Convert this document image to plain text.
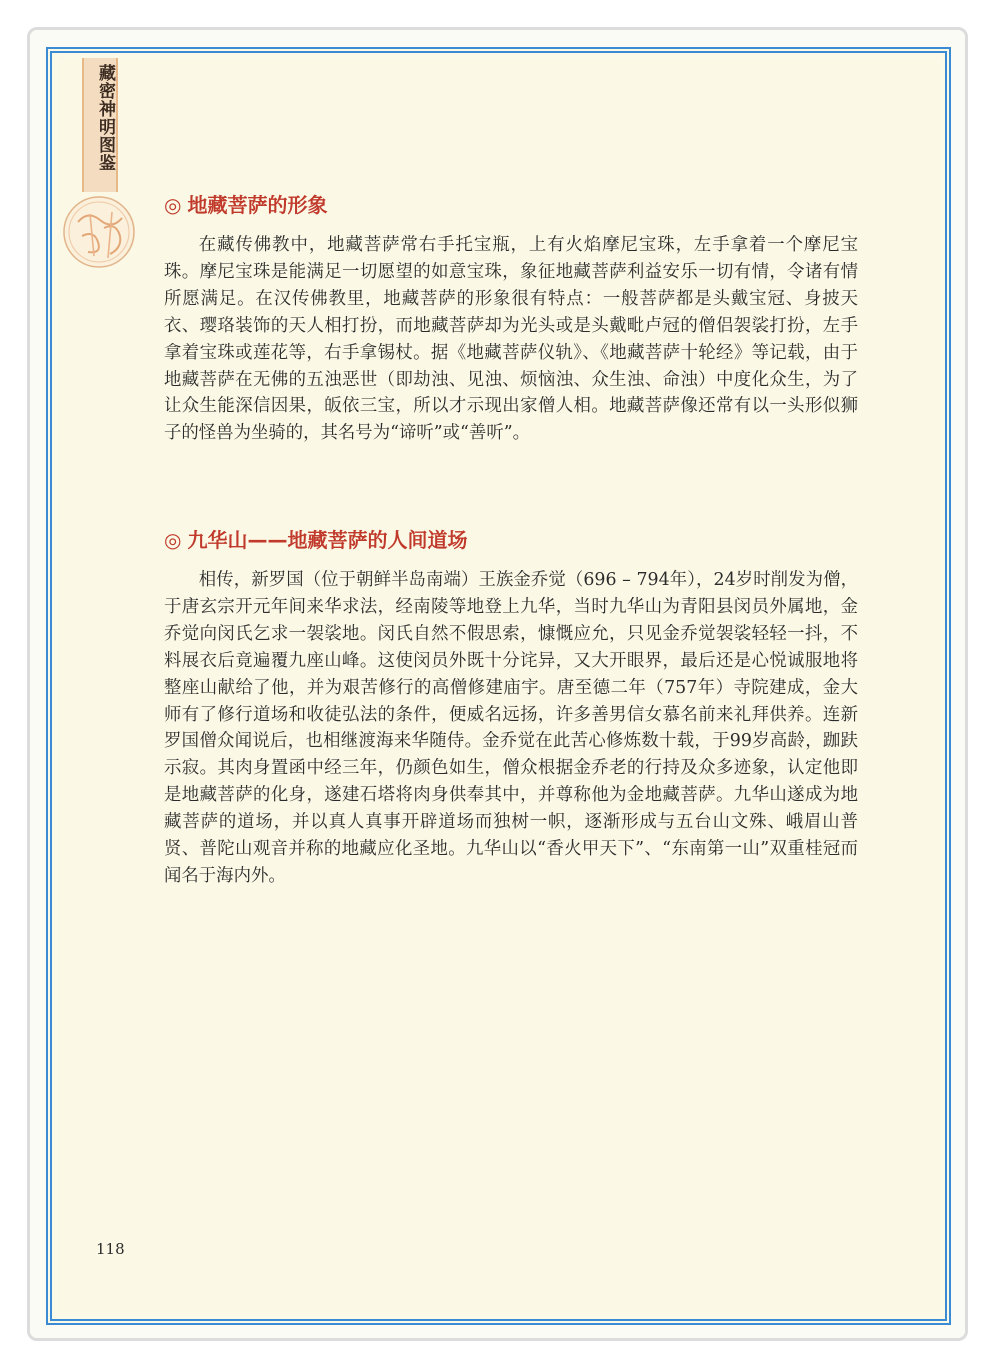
藏密神明图鉴
◎ 地藏菩萨的形象
在藏传佛教中，地藏菩萨常右手托宝瓶，上有火焰摩尼宝珠，左手拿着一个摩尼宝珠。摩尼宝珠是能满足一切愿望的如意宝珠，象征地藏菩萨利益安乐一切有情，令诸有情所愿满足。在汉传佛教里，地藏菩萨的形象很有特点：一般菩萨都是头戴宝冠、身披天衣、璎珞装饰的天人相打扮，而地藏菩萨却为光头或是头戴毗卢冠的僧侣袈裟打扮，左手拿着宝珠或莲花等，右手拿锡杖。据《地藏菩萨仪轨》、《地藏菩萨十轮经》等记载，由于地藏菩萨在无佛的五浊恶世（即劫浊、见浊、烦恼浊、众生浊、命浊）中度化众生，为了让众生能深信因果，皈依三宝，所以才示现出家僧人相。地藏菩萨像还常有以一头形似狮子的怪兽为坐骑的，其名号为“谛听”或“善听”。
◎ 九华山——地藏菩萨的人间道场
相传，新罗国（位于朝鲜半岛南端）王族金乔觉（696 – 794年），24岁时削发为僧，于唐玄宗开元年间来华求法，经南陵等地登上九华，当时九华山为青阳县闵员外属地，金乔觉向闵氏乞求一袈裟地。闵氏自然不假思索，慷慨应允，只见金乔觉袈裟轻轻一抖，不料展衣后竟遍覆九座山峰。这使闵员外既十分诧异，又大开眼界，最后还是心悦诚服地将整座山献给了他，并为艰苦修行的高僧修建庙宇。唐至德二年（757年）寺院建成，金大师有了修行道场和收徒弘法的条件，便威名远扬，许多善男信女慕名前来礼拜供养。连新罗国僧众闻说后，也相继渡海来华随侍。金乔觉在此苦心修炼数十载，于99岁高龄，跏趺示寂。其肉身置函中经三年，仍颜色如生，僧众根据金乔老的行持及众多迹象，认定他即是地藏菩萨的化身，遂建石塔将肉身供奉其中，并尊称他为金地藏菩萨。九华山遂成为地藏菩萨的道场，并以真人真事开辟道场而独树一帜，逐渐形成与五台山文殊、峨眉山普贤、普陀山观音并称的地藏应化圣地。九华山以“香火甲天下”、“东南第一山”双重桂冠而闻名于海内外。
118
